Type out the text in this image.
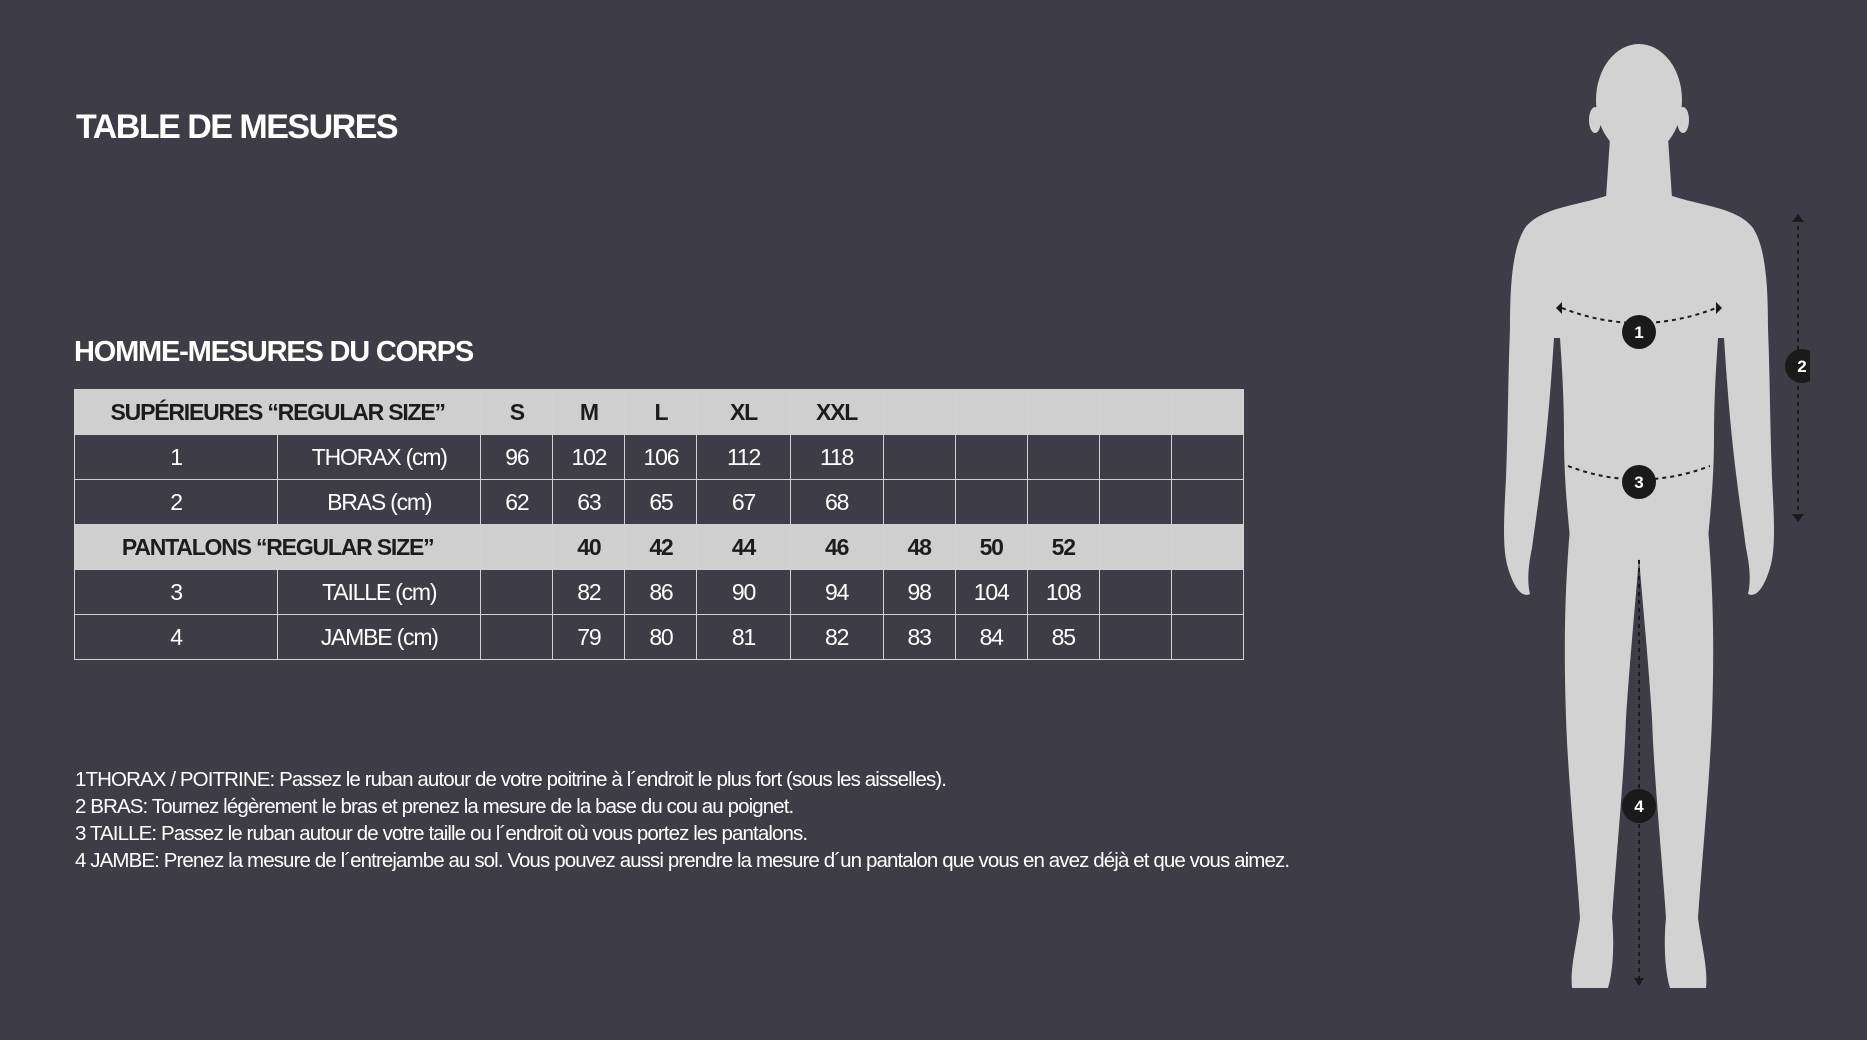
TABLE DE MESURES
HOMME-MESURES DU CORPS
SUPÉRIEURES “REGULAR SIZE”		S	M	L	XL	XXL					
1	THORAX (cm)	96	102	106	112	118					
2	BRAS (cm)	62	63	65	67	68					
PANTALONS “REGULAR SIZE”			40	42	44	46	48	50	52		
3	TAILLE (cm)		82	86	90	94	98	104	108		
4	JAMBE (cm)		79	80	81	82	83	84	85		
1THORAX / POITRINE: Passez le ruban autour de votre poitrine à l´endroit le plus fort (sous les aisselles).
2 BRAS: Tournez légèrement le bras et prenez la mesure de la base du cou au poignet.
3 TAILLE: Passez le ruban autour de votre taille ou l´endroit où vous portez les pantalons.
4 JAMBE: Prenez la mesure de l´entrejambe au sol. Vous pouvez aussi prendre la mesure d´un pantalon que vous en avez déjà et que vous aimez.
1
2
3
4
